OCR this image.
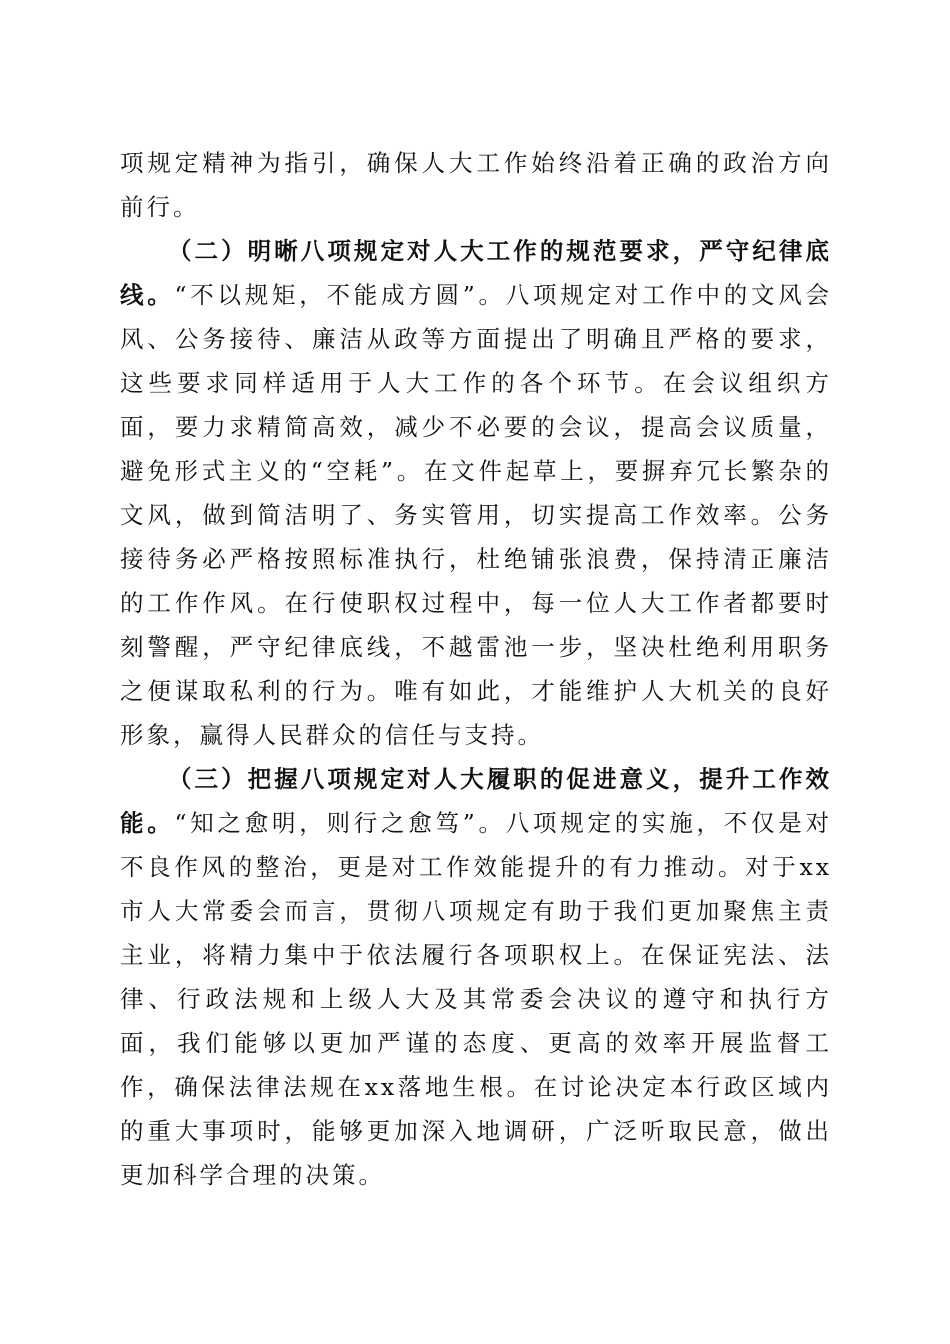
项规定精神为指引，确保人大工作始终沿着正确的政治方向前行。

（二）明晰八项规定对人大工作的规范要求，严守纪律底线。“不以规矩，不能成方圆”。八项规定对工作中的文风会风、公务接待、廉洁从政等方面提出了明确且严格的要求，这些要求同样适用于人大工作的各个环节。在会议组织方面，要力求精简高效，减少不必要的会议，提高会议质量，避免形式主义的“空耗”。在文件起草上，要摒弃冗长繁杂的文风，做到简洁明了、务实管用，切实提高工作效率。公务接待务必严格按照标准执行，杜绝铺张浪费，保持清正廉洁的工作作风。在行使职权过程中，每一位人大工作者都要时刻警醒，严守纪律底线，不越雷池一步，坚决杜绝利用职务之便谋取私利的行为。唯有如此，才能维护人大机关的良好形象，赢得人民群众的信任与支持。

（三）把握八项规定对人大履职的促进意义，提升工作效能。“知之愈明，则行之愈笃”。八项规定的实施，不仅是对不良作风的整治，更是对工作效能提升的有力推动。对于xx市人大常委会而言，贯彻八项规定有助于我们更加聚焦主责主业，将精力集中于依法履行各项职权上。在保证宪法、法律、行政法规和上级人大及其常委会决议的遵守和执行方面，我们能够以更加严谨的态度、更高的效率开展监督工作，确保法律法规在xx落地生根。在讨论决定本行政区域内的重大事项时，能够更加深入地调研，广泛听取民意，做出更加科学合理的决策。
